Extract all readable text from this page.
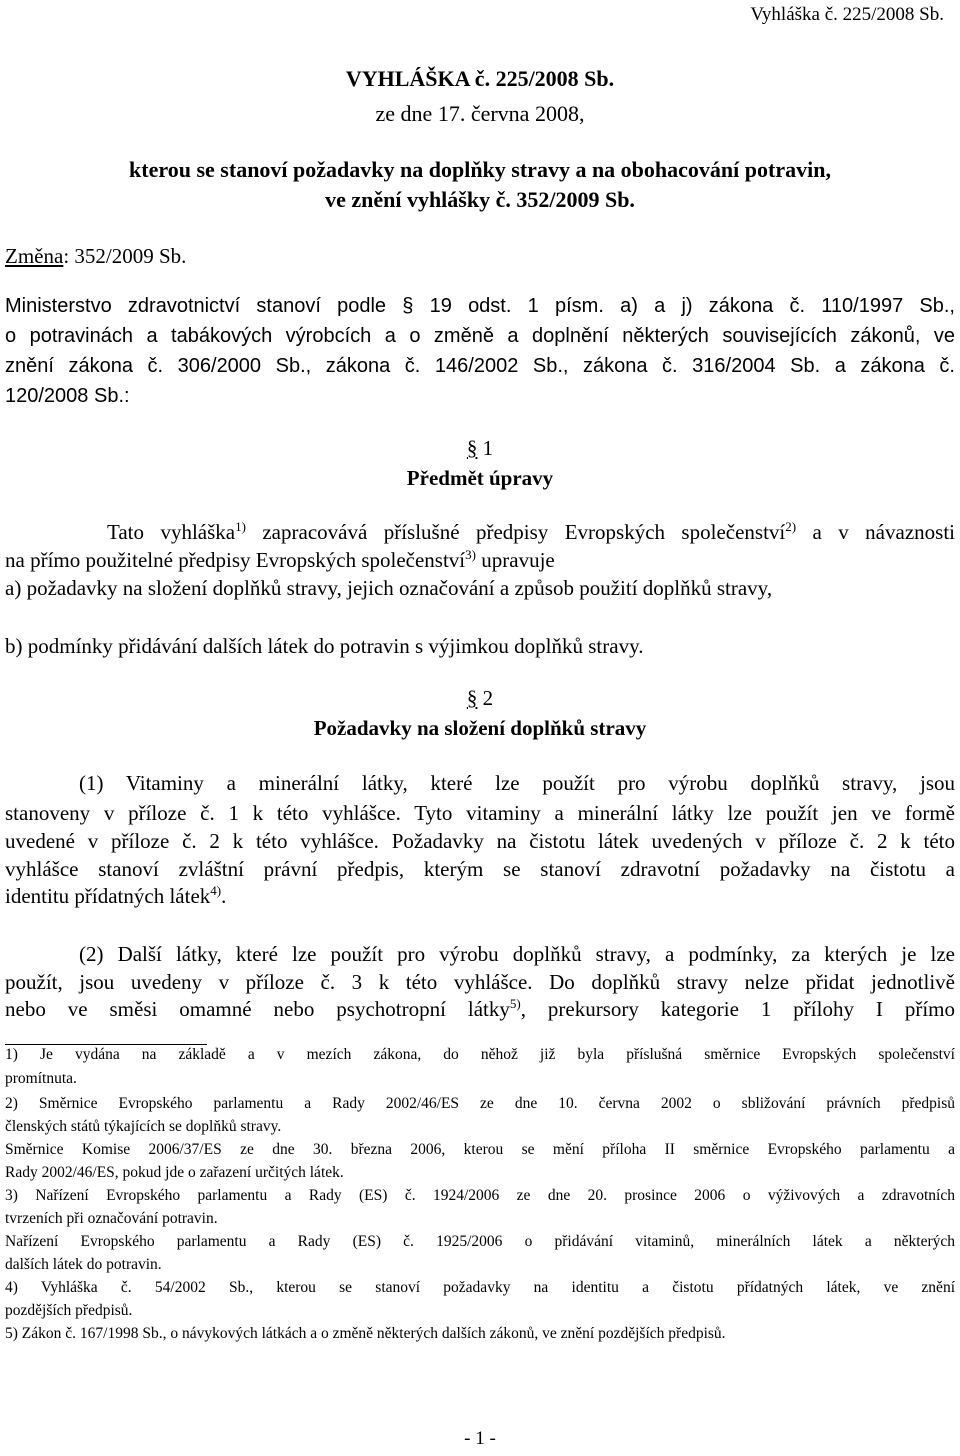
Vyhláška č. 225/2008 Sb.
VYHLÁŠKA č. 225/2008 Sb.
ze dne 17. června 2008,
kterou se stanoví požadavky na doplňky stravy a na obohacování potravin,
ve znění vyhlášky č. 352/2009 Sb.
Změna: 352/2009 Sb.
Ministerstvo zdravotnictví stanoví podle § 19 odst. 1 písm. a) a j) zákona č. 110/1997 Sb.,
o potravinách a tabákových výrobcích a o změně a doplnění některých souvisejících zákonů, ve
znění zákona č. 306/2000 Sb., zákona č. 146/2002 Sb., zákona č. 316/2004 Sb. a zákona č.
120/2008 Sb.:
§ 1
Předmět úpravy
Tato vyhláška$^{1)}$ zapracovává příslušné předpisy Evropských společenství$^{2)}$ a v návaznosti
na přímo použitelné předpisy Evropských společenství$^{3)}$ upravuje
a) požadavky na složení doplňků stravy, jejich označování a způsob použití doplňků stravy,
b) podmínky přidávání dalších látek do potravin s výjimkou doplňků stravy.
§ 2
Požadavky na složení doplňků stravy
(1) Vitaminy a minerální látky, které lze použít pro výrobu doplňků stravy, jsou
stanoveny v příloze č. 1 k této vyhlášce. Tyto vitaminy a minerální látky lze použít jen ve formě
uvedené v příloze č. 2 k této vyhlášce. Požadavky na čistotu látek uvedených v příloze č. 2 k této
vyhlášce stanoví zvláštní právní předpis, kterým se stanoví zdravotní požadavky na čistotu a
identitu přídatných látek$^{4)}$.
(2) Další látky, které lze použít pro výrobu doplňků stravy, a podmínky, za kterých je lze
použít, jsou uvedeny v příloze č. 3 k této vyhlášce. Do doplňků stravy nelze přidat jednotlivě
nebo ve směsi omamné nebo psychotropní látky$^{5)}$, prekursory kategorie 1 přílohy I přímo
1) Je vydána na základě a v mezích zákona, do něhož již byla příslušná směrnice Evropských společenství
promítnuta.
2) Směrnice Evropského parlamentu a Rady 2002/46/ES ze dne 10. června 2002 o sbližování právních předpisů
členských států týkajících se doplňků stravy.
Směrnice Komise 2006/37/ES ze dne 30. března 2006, kterou se mění příloha II směrnice Evropského parlamentu a
Rady 2002/46/ES, pokud jde o zařazení určitých látek.
3) Nařízení Evropského parlamentu a Rady (ES) č. 1924/2006 ze dne 20. prosince 2006 o výživových a zdravotních
tvrzeních při označování potravin.
Nařízení Evropského parlamentu a Rady (ES) č. 1925/2006 o přidávání vitaminů, minerálních látek a některých
dalších látek do potravin.
4) Vyhláška č. 54/2002 Sb., kterou se stanoví požadavky na identitu a čistotu přídatných látek, ve znění
pozdějších předpisů.
5) Zákon č. 167/1998 Sb., o návykových látkách a o změně některých dalších zákonů, ve znění pozdějších předpisů.
- 1 -
